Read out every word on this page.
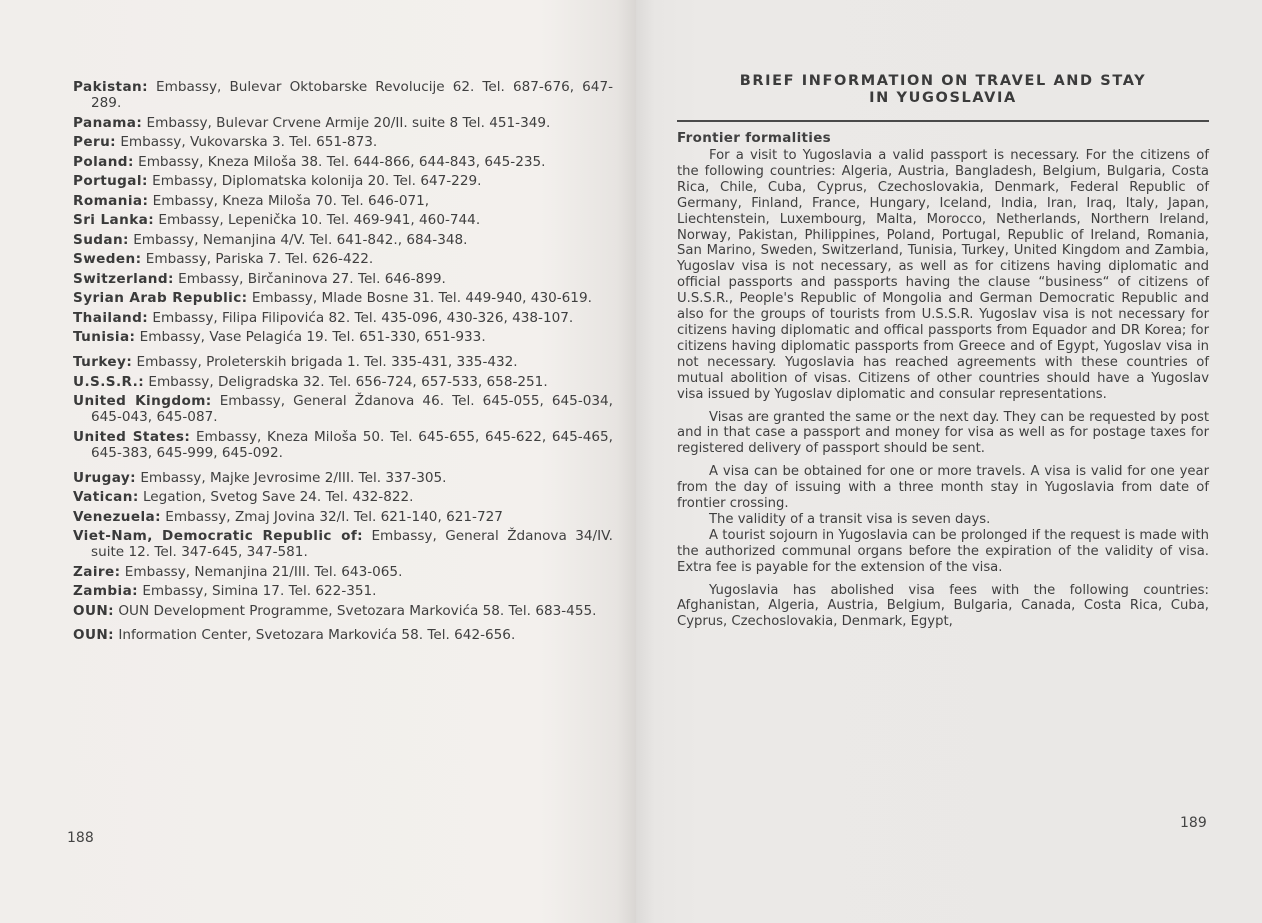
Pakistan: Embassy, Bulevar Oktobarske Revolucije 62. Tel. 687-676, 647-289.
Panama: Embassy, Bulevar Crvene Armije 20/II. suite 8 Tel. 451-349.
Peru: Embassy, Vukovarska 3. Tel. 651-873.
Poland: Embassy, Kneza Miloša 38. Tel. 644-866, 644-843, 645-235.
Portugal: Embassy, Diplomatska kolonija 20. Tel. 647-229.
Romania: Embassy, Kneza Miloša 70. Tel. 646-071,
Sri Lanka: Embassy, Lepenička 10. Tel. 469-941, 460-744.
Sudan: Embassy, Nemanjina 4/V. Tel. 641-842., 684-348.
Sweden: Embassy, Pariska 7. Tel. 626-422.
Switzerland: Embassy, Birčaninova 27. Tel. 646-899.
Syrian Arab Republic: Embassy, Mlade Bosne 31. Tel. 449-940, 430-619.
Thailand: Embassy, Filipa Filipovića 82. Tel. 435-096, 430-326, 438-107.
Tunisia: Embassy, Vase Pelagića 19. Tel. 651-330, 651-933.
Turkey: Embassy, Proleterskih brigada 1. Tel. 335-431, 335-432.
U.S.S.R.: Embassy, Deligradska 32. Tel. 656-724, 657-533, 658-251.
United Kingdom: Embassy, General Ždanova 46. Tel. 645-055, 645-034, 645-043, 645-087.
United States: Embassy, Kneza Miloša 50. Tel. 645-655, 645-622, 645-465, 645-383, 645-999, 645-092.
Urugay: Embassy, Majke Jevrosime 2/III. Tel. 337-305.
Vatican: Legation, Svetog Save 24. Tel. 432-822.
Venezuela: Embassy, Zmaj Jovina 32/I. Tel. 621-140, 621-727
Viet-Nam, Democratic Republic of: Embassy, General Ždanova 34/IV. suite 12. Tel. 347-645, 347-581.
Zaire: Embassy, Nemanjina 21/III. Tel. 643-065.
Zambia: Embassy, Simina 17. Tel. 622-351.
OUN: OUN Development Programme, Svetozara Markovića 58. Tel. 683-455.
OUN: Information Center, Svetozara Markovića 58. Tel. 642-656.
188
BRIEF INFORMATION ON TRAVEL AND STAY
IN YUGOSLAVIA
Frontier formalities

For a visit to Yugoslavia a valid passport is necessary. For the citizens of the following countries: Algeria, Austria, Bangladesh, Belgium, Bulgaria, Costa Rica, Chile, Cuba, Cyprus, Czechoslovakia, Denmark, Federal Republic of Germany, Finland, France, Hungary, Iceland, India, Iran, Iraq, Italy, Japan, Liechtenstein, Luxembourg, Malta, Morocco, Netherlands, Northern Ireland, Norway, Pakistan, Philippines, Poland, Portugal, Republic of Ireland, Romania, San Marino, Sweden, Switzerland, Tunisia, Turkey, United Kingdom and Zambia, Yugoslav visa is not necessary, as well as for citizens having diplomatic and official passports and passports having the clause “business“ of citizens of U.S.S.R., People's Republic of Mongolia and German Democratic Republic and also for the groups of tourists from U.S.S.R. Yugoslav visa is not necessary for citizens having diplomatic and offical passports from Equador and DR Korea; for citizens having diplomatic passports from Greece and of Egypt, Yugoslav visa in not necessary. Yugoslavia has reached agreements with these countries of mutual abolition of visas. Citizens of other countries should have a Yugoslav visa issued by Yugoslav diplomatic and consular representations.

Visas are granted the same or the next day. They can be requested by post and in that case a passport and money for visa as well as for postage taxes for registered delivery of passport should be sent.

A visa can be obtained for one or more travels. A visa is valid for one year from the day of issuing with a three month stay in Yugoslavia from date of frontier crossing.

The validity of a transit visa is seven days.

A tourist sojourn in Yugoslavia can be prolonged if the request is made with the authorized communal organs before the expiration of the validity of visa. Extra fee is payable for the extension of the visa.

Yugoslavia has abolished visa fees with the following countries: Afghanistan, Algeria, Austria, Belgium, Bulgaria, Canada, Costa Rica, Cuba, Cyprus, Czechoslovakia, Denmark, Egypt,

189
